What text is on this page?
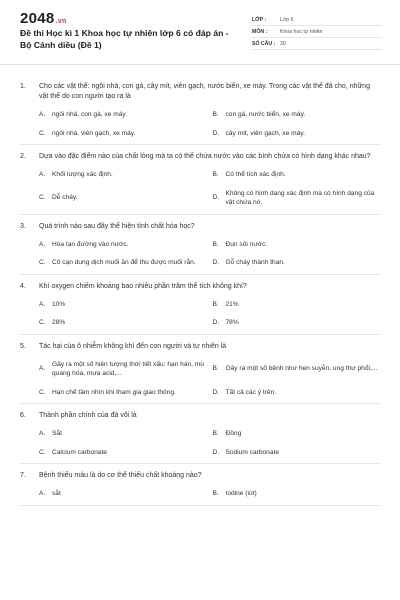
2048.vn
Đề thi Học kì 1 Khoa học tự nhiên lớp 6 có đáp án - Bộ Cánh diều (Đề 1)
LỚP :	Lớp 6
MÔN :	Khoa học tự nhiên
SỐ CÂU : 30
1.	Cho các vật thể: ngôi nhà, con gà, cây mít, viên gạch, nước biển, xe máy. Trong các vật thể đã cho, những vật thể do con người tạo ra là
A.	ngôi nhà, con gà, xe máy.	B.	con gà, nước biển, xe máy.
C. ngôi nhà, viên gạch, xe máy.	D. cây mít, viên gạch, xe máy.
2.	Dựa vào đặc điểm nào của chất lỏng mà ta có thể chứa nước vào các bình chứa có hình dạng khác nhau?
A.	Khối lượng xác định.	B.	Có thể tích xác định.
C. Dễ cháy.	D.
Không có hình dạng xác định mà có hình dạng của vật chứa nó.
3.	Quá trình nào sau đây thể hiện tính chất hóa học?
A.	Hòa tan đường vào nước.	B.	Đun sôi nước.
C. Cô cạn dung dịch muối ăn để thu được muối rắn.	D. Gỗ cháy thành than.
4.	Khí oxygen chiếm khoảng bao nhiêu phần trăm thể tích không khí?
A.	10%	B.	21%
C. 28%	D. 78%
5.	Tác hại của ô nhiễm không khí đến con người và tự nhiên là
A.
Gây ra một số hiện tượng thời tiết xấu: hạn hán, mù quang hóa, mưa acid,...
B.	Gây ra một số bệnh như hen suyễn, ung thư phổi,...
C. Hạn chế tầm nhìn khi tham gia giao thông.	D. Tất cả các ý trên.
6.	Thành phần chính của đá vôi là
A.	Sắt	B.	Đồng
C. Calcium carbonate	D. Sodium carbonate
7.	Bệnh thiếu máu là do cơ thể thiếu chất khoáng nào?
A.	sắt	B.	Iodine (iot)
